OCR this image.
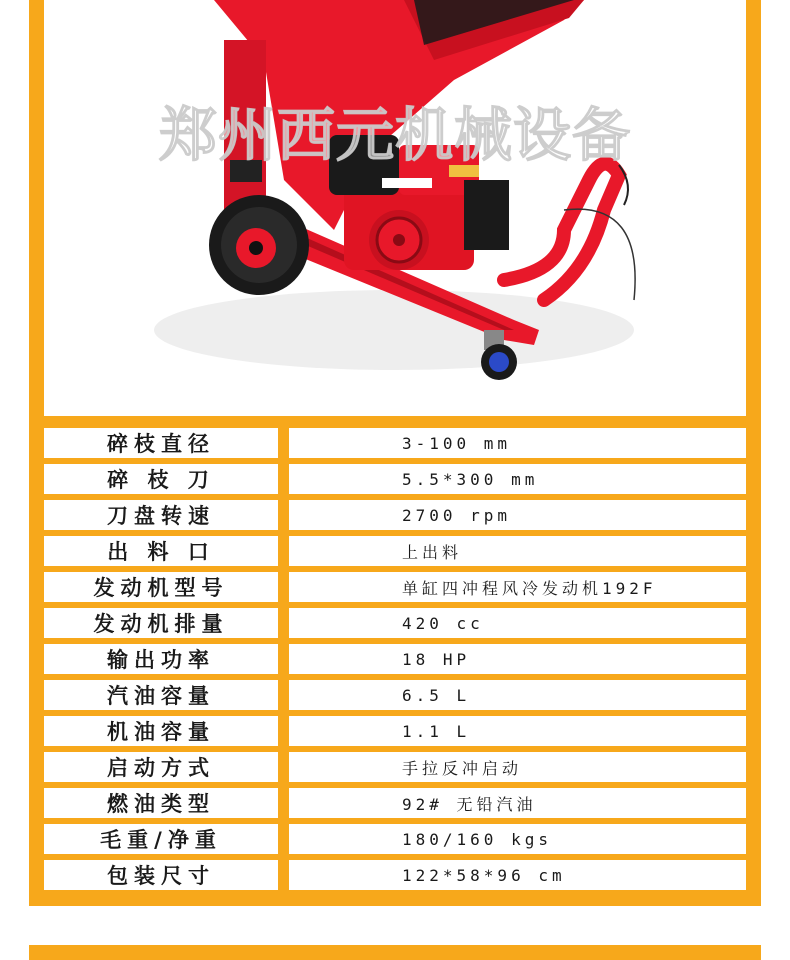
郑州西元机械设备
碎枝直径	3-100 mm
碎 枝 刀	5.5*300 mm
刀盘转速	2700 rpm
出 料 口	上出料
发动机型号	单缸四冲程风冷发动机192F
发动机排量	420 cc
输出功率	18 HP
汽油容量	6.5 L
机油容量	1.1 L
启动方式	手拉反冲启动
燃油类型	92# 无铅汽油
毛重/净重	180/160 kgs
包装尺寸	122*58*96 cm
